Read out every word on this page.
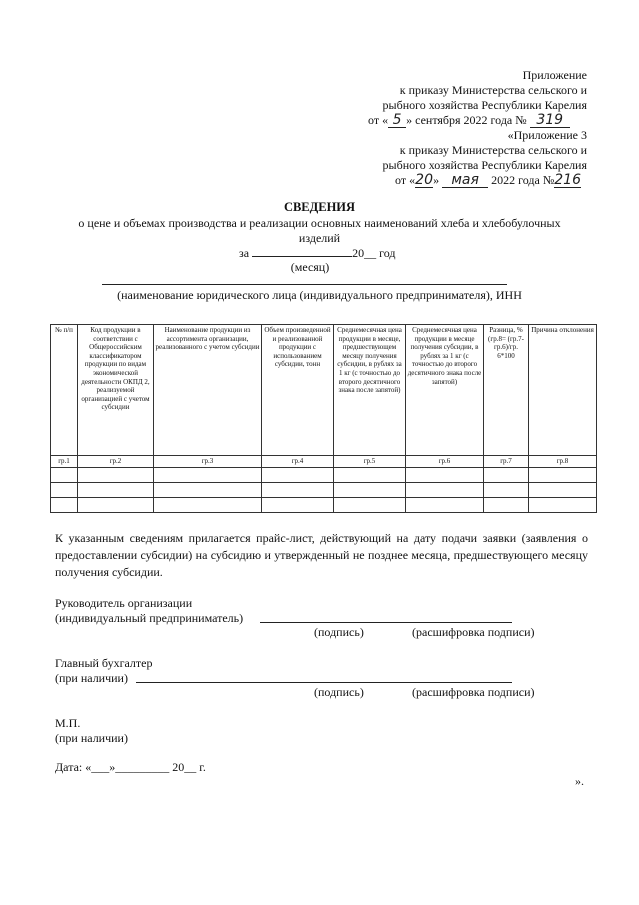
Приложение
к приказу Министерства сельского и
рыбного хозяйства Республики Карелия
от « 5 » сентября 2022 года № 319
«Приложение 3
к приказу Министерства сельского и
рыбного хозяйства Республики Карелия
от «20» мая 2022 года №216
СВЕДЕНИЯ
о цене и объемах производства и реализации основных наименований хлеба и хлебобулочных
изделий
за	20__ год
(месяц)
(наименование юридического лица (индивидуального предпринимателя), ИНН
№ п/п	Код продукции в соответствии с Общероссийским классификатором продукции по видам экономической деятельности ОКПД 2, реализуемой организацией с учетом субсидии	Наименование продукции из ассортимента организации, реализованного с учетом субсидии	Объем произведенной и реализованной продукции с использованием субсидии, тонн	Среднемесячная цена продукции в месяце, предшествующем месяцу получения субсидии, в рублях за 1 кг (с точностью до второго десятичного знака после запятой)	Среднемесячная цена продукции в месяце получения субсидии, в рублях за 1 кг (с точностью до второго десятичного знака после запятой)	Разница, % (гр.8= (гр.7-гр.6)/гр. 6*100	Причина отклонения
гр.1	гр.2	гр.3	гр.4	гр.5	гр.6	гр.7	гр.8

К указанным сведениям прилагается прайс-лист, действующий на дату подачи заявки (заявления о предоставлении субсидии) на субсидию и утвержденный не позднее месяца, предшествующего месяцу получения субсидии.
Руководитель организации
(индивидуальный предприниматель)
(подпись)	(расшифровка подписи)
Главный бухгалтер
(при наличии)
(подпись)	(расшифровка подписи)
М.П.
(при наличии)
Дата: «___»_________ 20__ г.
».
